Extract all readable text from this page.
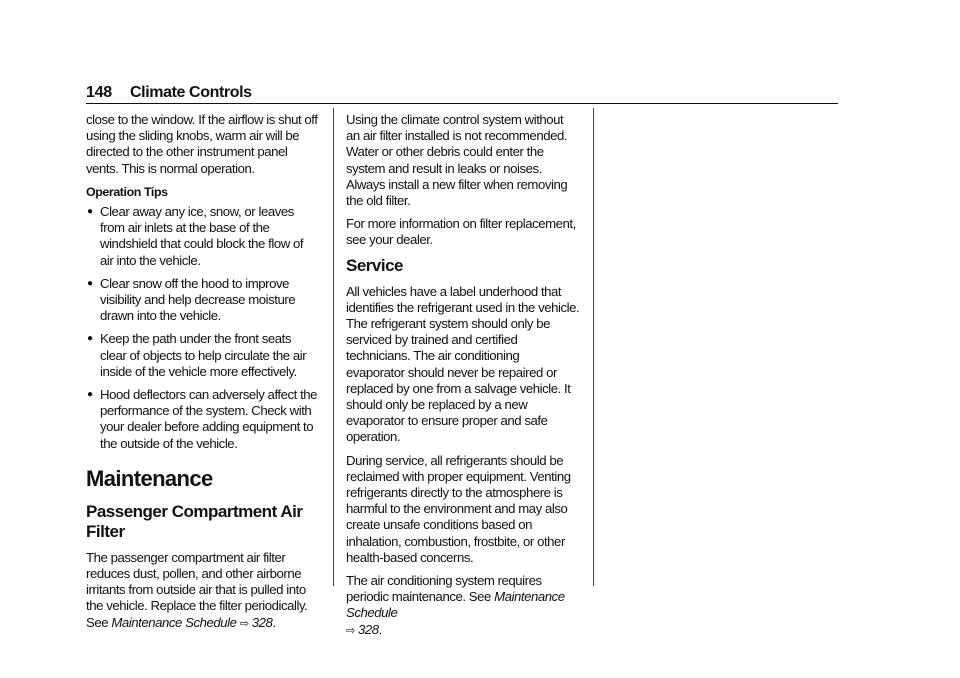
148 Climate Controls

close to the window. If the airflow is shut off using the sliding knobs, warm air will be directed to the other instrument panel vents. This is normal operation.

Operation Tips
● Clear away any ice, snow, or leaves from air inlets at the base of the windshield that could block the flow of air into the vehicle.
● Clear snow off the hood to improve visibility and help decrease moisture drawn into the vehicle.
● Keep the path under the front seats clear of objects to help circulate the air inside of the vehicle more effectively.
● Hood deflectors can adversely affect the performance of the system. Check with your dealer before adding equipment to the outside of the vehicle.
Maintenance
Passenger Compartment Air Filter

The passenger compartment air filter reduces dust, pollen, and other airborne irritants from outside air that is pulled into the vehicle. Replace the filter periodically. See Maintenance Schedule ⇨ 328.

Using the climate control system without an air filter installed is not recommended. Water or other debris could enter the system and result in leaks or noises. Always install a new filter when removing the old filter.

For more information on filter replacement, see your dealer.

Service

All vehicles have a label underhood that identifies the refrigerant used in the vehicle. The refrigerant system should only be serviced by trained and certified technicians. The air conditioning evaporator should never be repaired or replaced by one from a salvage vehicle. It should only be replaced by a new evaporator to ensure proper and safe operation.

During service, all refrigerants should be reclaimed with proper equipment. Venting refrigerants directly to the atmosphere is harmful to the environment and may also create unsafe conditions based on inhalation, combustion, frostbite, or other health-based concerns.

The air conditioning system requires periodic maintenance. See Maintenance Schedule
⇨ 328.
